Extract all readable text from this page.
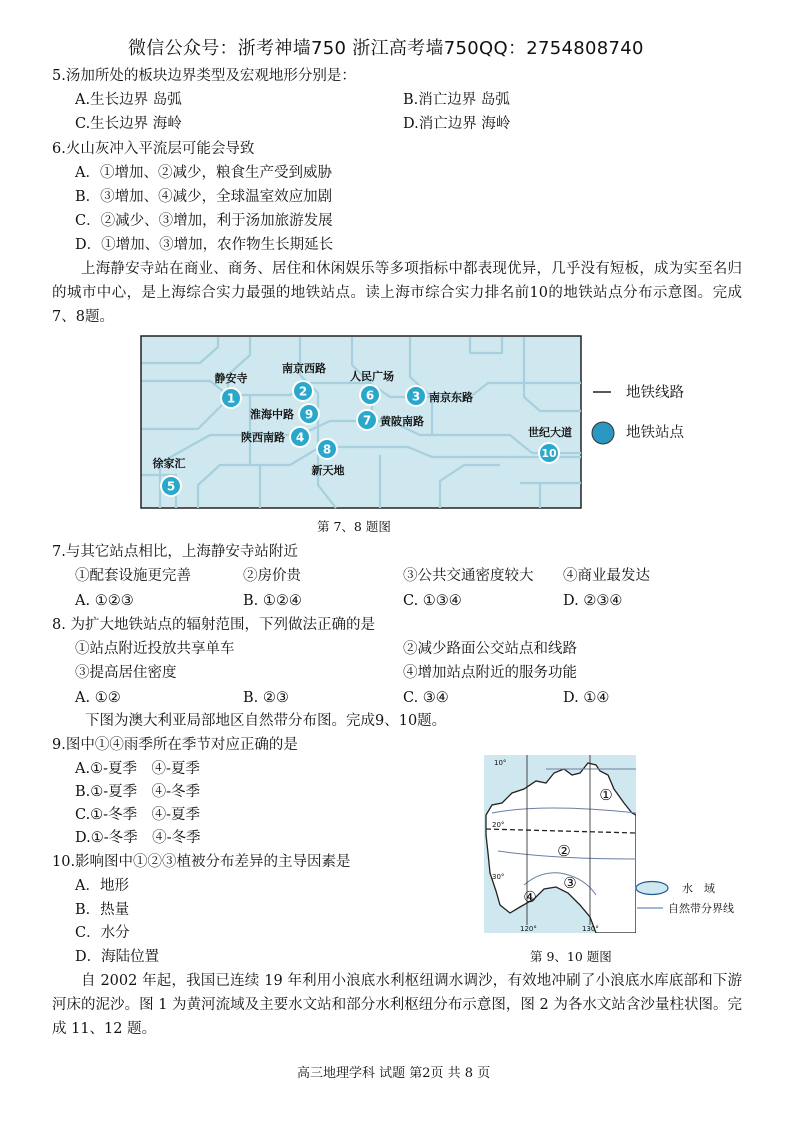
微信公众号：浙考神墙750 浙江高考墙750QQ：2754808740
5.汤加所处的板块边界类型及宏观地形分别是：
A.生长边界 岛弧	B.消亡边界 岛弧
C.生长边界 海岭	D.消亡边界 海岭
6.火山灰冲入平流层可能会导致
A．①增加、②减少，粮食生产受到威胁
B．③增加、④减少，全球温室效应加剧
C．②减少、③增加，利于汤加旅游发展
D．①增加、③增加，农作物生长期延长
上海静安寺站在商业、商务、居住和休闲娱乐等多项指标中都表现优异，几乎没有短板，成为实至名归的城市中心，是上海综合实力最强的地铁站点。读上海市综合实力排名前10的地铁站点分布示意图。完成7、8题。
1
静安寺
2
南京西路
3 南京东路
4
陕西南路
5
徐家汇
6
人民广场
7 黄陂南路
8
新天地
9
淮海中路
10
世纪大道
地铁线路
地铁站点
第 7、8 题图
7.与其它站点相比，上海静安寺站附近
①配套设施更完善	②房价贵	③公共交通密度较大 ④商业最发达
A. ①②③	B. ①②④	C. ①③④	D. ②③④
8. 为扩大地铁站点的辐射范围，下列做法正确的是
①站点附近投放共享单车	②减少路面公交站点和线路
③提高居住密度	④增加站点附近的服务功能
A. ①②	B. ②③	C. ③④	D. ①④
下图为澳大利亚局部地区自然带分布图。完成9、10题。
9.图中①④雨季所在季节对应正确的是
A.①-夏季　④-夏季
B.①-夏季　④-冬季
C.①-冬季　④-夏季
D.①-冬季　④-冬季
10.影响图中①②③植被分布差异的主导因素是
A．地形
B．热量
C．水分
D．海陆位置
10°
20°
30°
120°	130°
①
②
③
④	水　域
自然带分界线
第 9、10 题图
自 2002 年起，我国已连续 19 年利用小浪底水利枢纽调水调沙，有效地冲刷了小浪底水库底部和下游河床的泥沙。图 1 为黄河流域及主要水文站和部分水利枢纽分布示意图，图 2 为各水文站含沙量柱状图。完成 11、12 题。
高三地理学科 试题 第2页 共 8 页
